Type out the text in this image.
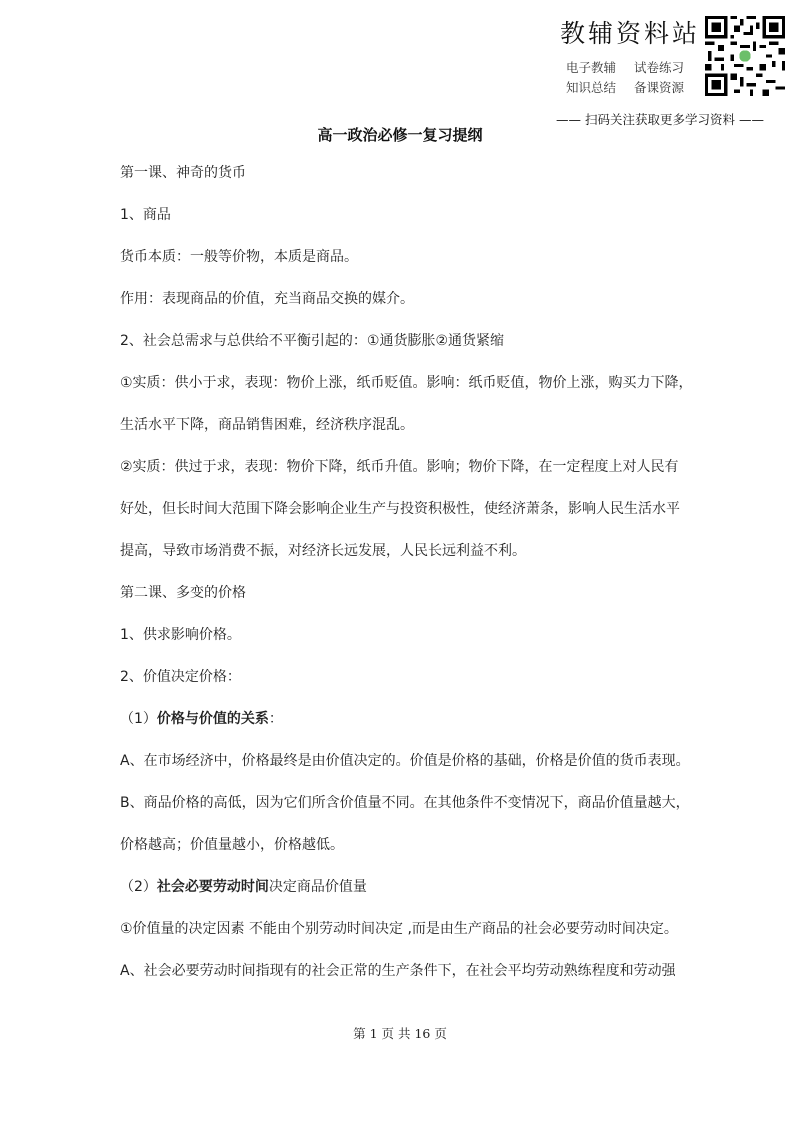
教辅资料站
电子教辅 试卷练习
知识总结 备课资源
—— 扫码关注获取更多学习资料 ——
高一政治必修一复习提纲

第一课、神奇的货币

1、商品

货币本质：一般等价物，本质是商品。

作用：表现商品的价值，充当商品交换的媒介。

2、社会总需求与总供给不平衡引起的：①通货膨胀②通货紧缩

①实质：供小于求，表现：物价上涨，纸币贬值。影响：纸币贬值，物价上涨，购买力下降，

生活水平下降，商品销售困难，经济秩序混乱。

②实质：供过于求，表现：物价下降，纸币升值。影响；物价下降，在一定程度上对人民有

好处，但长时间大范围下降会影响企业生产与投资积极性，使经济萧条，影响人民生活水平

提高，导致市场消费不振，对经济长远发展，人民长远利益不利。

第二课、多变的价格

1、供求影响价格。

2、价值决定价格：

（1）价格与价值的关系：

A、在市场经济中，价格最终是由价值决定的。价值是价格的基础，价格是价值的货币表现。

B、商品价格的高低，因为它们所含价值量不同。在其他条件不变情况下，商品价值量越大，

价格越高；价值量越小，价格越低。

（2）社会必要劳动时间决定商品价值量

①价值量的决定因素 不能由个别劳动时间决定 ,而是由生产商品的社会必要劳动时间决定。

A、社会必要劳动时间指现有的社会正常的生产条件下，在社会平均劳动熟练程度和劳动强

第 1 页 共 16 页
